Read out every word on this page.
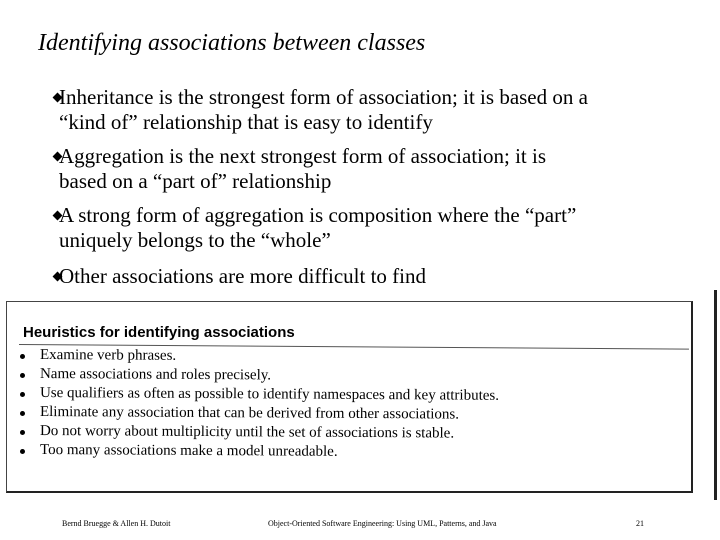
Identifying associations between classes
Inheritance is the strongest form of association; it is based on a
“kind of” relationship that is easy to identify
Aggregation is the next strongest form of association; it is
based on a “part of” relationship
A strong form of aggregation is composition where the “part”
uniquely belongs to the “whole”
Other associations are more difficult to find
Heuristics for identifying associations
Examine verb phrases.
Name associations and roles precisely.
Use qualifiers as often as possible to identify namespaces and key attributes.
Eliminate any association that can be derived from other associations.
Do not worry about multiplicity until the set of associations is stable.
Too many associations make a model unreadable.
Bernd Bruegge & Allen H. Dutoit	Object-Oriented Software Engineering: Using UML, Patterns, and Java	21
